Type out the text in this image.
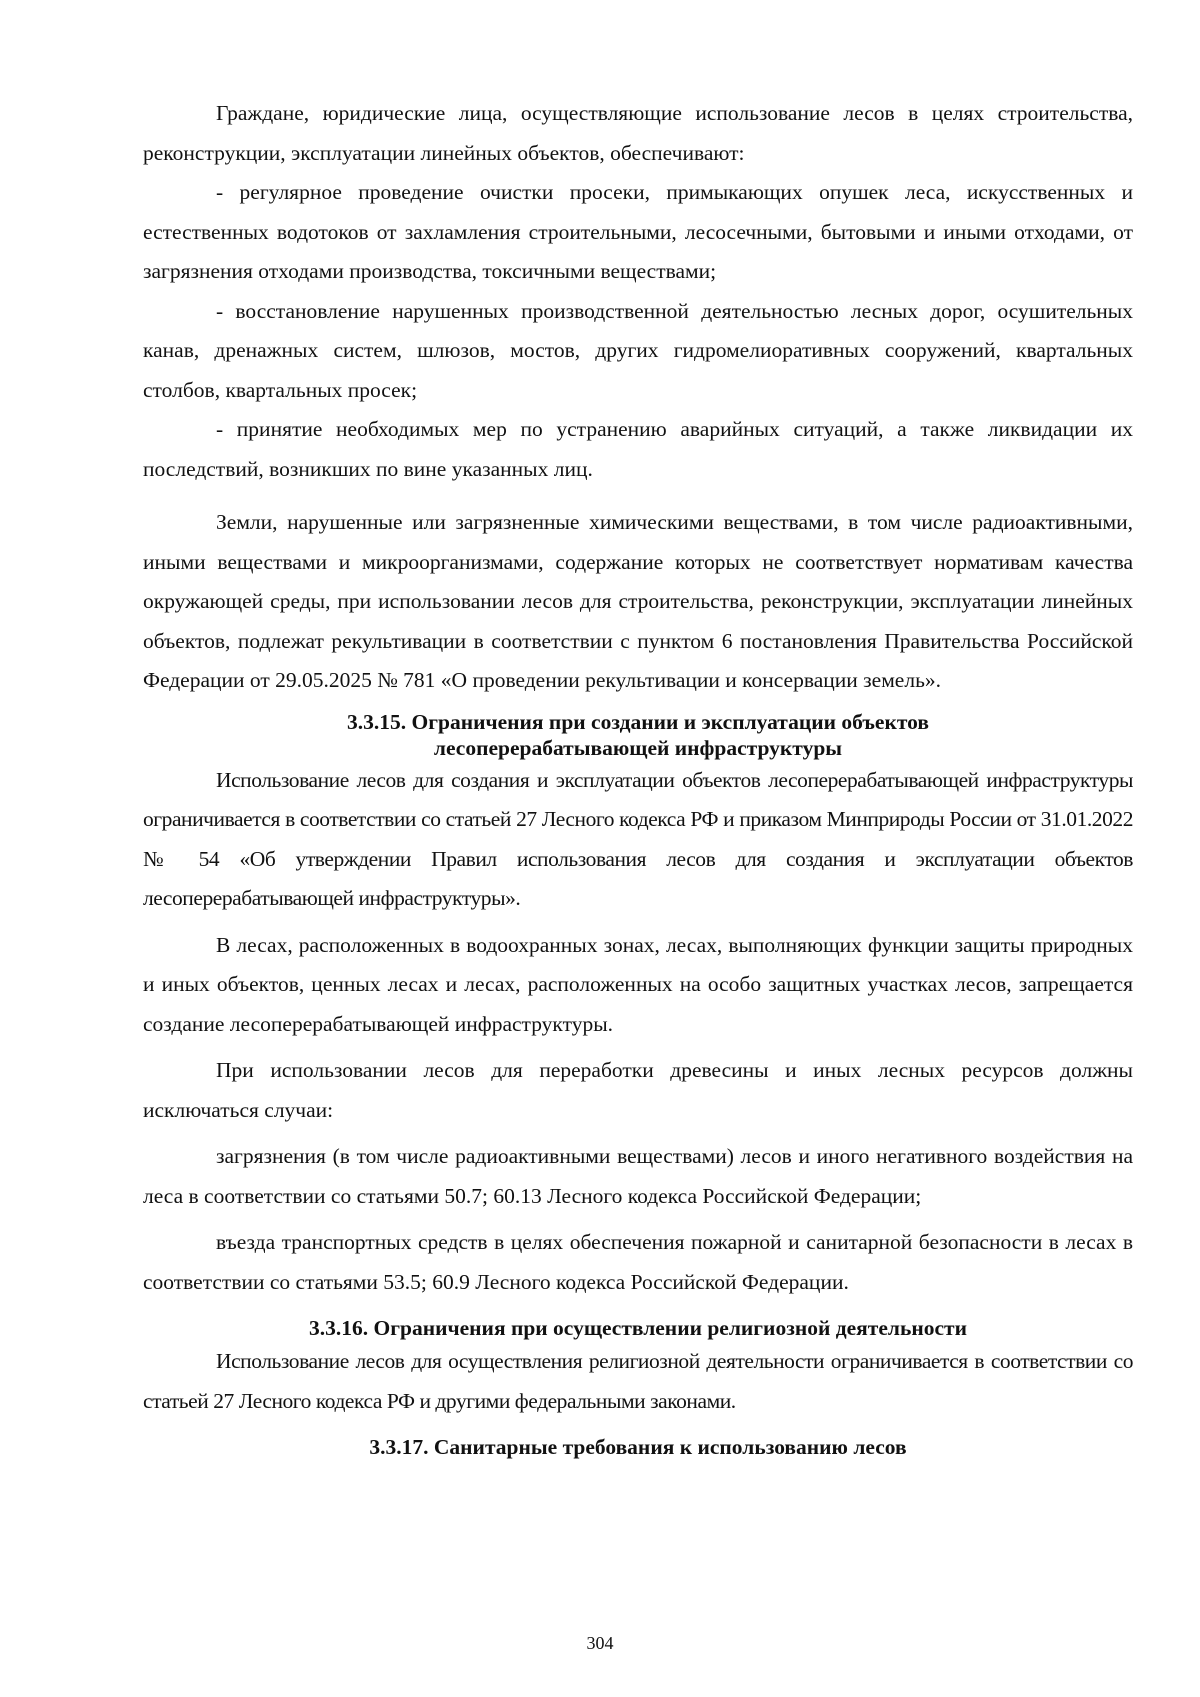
Граждане, юридические лица, осуществляющие использование лесов в целях строительства, реконструкции, эксплуатации линейных объектов, обеспечивают:

- регулярное проведение очистки просеки, примыкающих опушек леса, искусственных и естественных водотоков от захламления строительными, лесосечными, бытовыми и иными отходами, от загрязнения отходами производства, токсичными веществами;

- восстановление нарушенных производственной деятельностью лесных дорог, осушительных канав, дренажных систем, шлюзов, мостов, других гидромелиоративных сооружений, квартальных столбов, квартальных просек;

- принятие необходимых мер по устранению аварийных ситуаций, а также ликвидации их последствий, возникших по вине указанных лиц.

Земли, нарушенные или загрязненные химическими веществами, в том числе радиоактивными, иными веществами и микроорганизмами, содержание которых не соответствует нормативам качества окружающей среды, при использовании лесов для строительства, реконструкции, эксплуатации линейных объектов, подлежат рекультивации в соответствии с пунктом 6 постановления Правительства Российской Федерации от 29.05.2025 № 781 «О проведении рекультивации и консервации земель».

3.3.15. Ограничения при создании и эксплуатации объектов

лесоперерабатывающей инфраструктуры

Использование лесов для создания и эксплуатации объектов лесоперерабатывающей инфраструктуры ограничивается в соответствии со статьей 27 Лесного кодекса РФ и приказом Минприроды России от 31.01.2022 № 54 «Об утверждении Правил использования лесов для создания и эксплуатации объектов лесоперерабатывающей инфраструктуры».

В лесах, расположенных в водоохранных зонах, лесах, выполняющих функции защиты природных и иных объектов, ценных лесах и лесах, расположенных на особо защитных участках лесов, запрещается создание лесоперерабатывающей инфраструктуры.

При использовании лесов для переработки древесины и иных лесных ресурсов должны исключаться случаи:

загрязнения (в том числе радиоактивными веществами) лесов и иного негативного воздействия на леса в соответствии со статьями 50.7; 60.13 Лесного кодекса Российской Федерации;

въезда транспортных средств в целях обеспечения пожарной и санитарной безопасности в лесах в соответствии со статьями 53.5; 60.9 Лесного кодекса Российской Федерации.

3.3.16. Ограничения при осуществлении религиозной деятельности

Использование лесов для осуществления религиозной деятельности ограничивается в соответствии со статьей 27 Лесного кодекса РФ и другими федеральными законами.

3.3.17. Санитарные требования к использованию лесов

304
